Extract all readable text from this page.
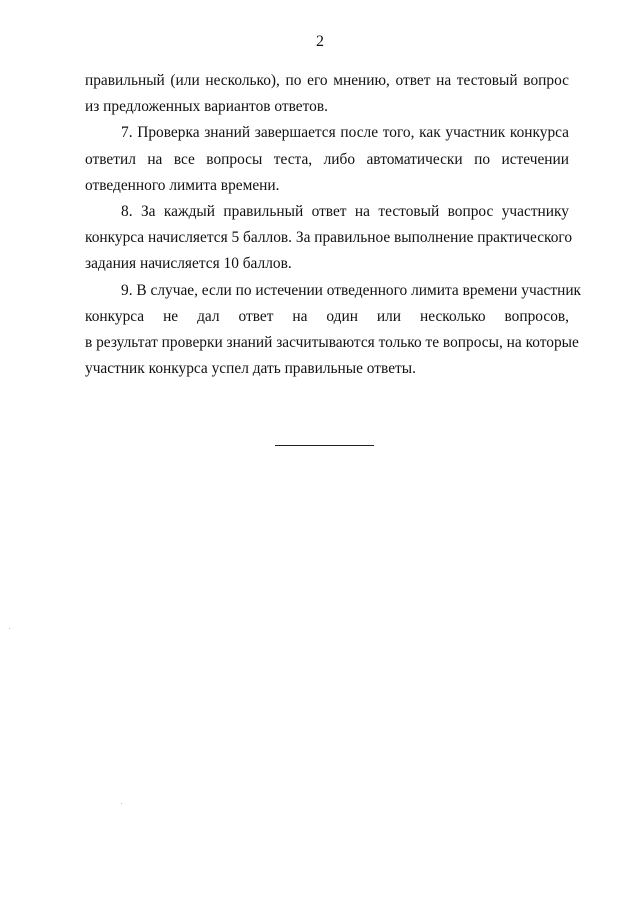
2
правильный (или несколько), по его мнению, ответ на тестовый вопрос
из предложенных вариантов ответов.
7. Проверка знаний завершается после того, как участник конкурса
ответил на все вопросы теста, либо автоматически по истечении
отведенного лимита времени.
8. За каждый правильный ответ на тестовый вопрос участнику
конкурса начисляется 5 баллов. За правильное выполнение практического
задания начисляется 10 баллов.
9. В случае, если по истечении отведенного лимита времени участник
конкурса не дал ответ на один или несколько вопросов,
в результат проверки знаний засчитываются только те вопросы, на которые
участник конкурса успел дать правильные ответы.
